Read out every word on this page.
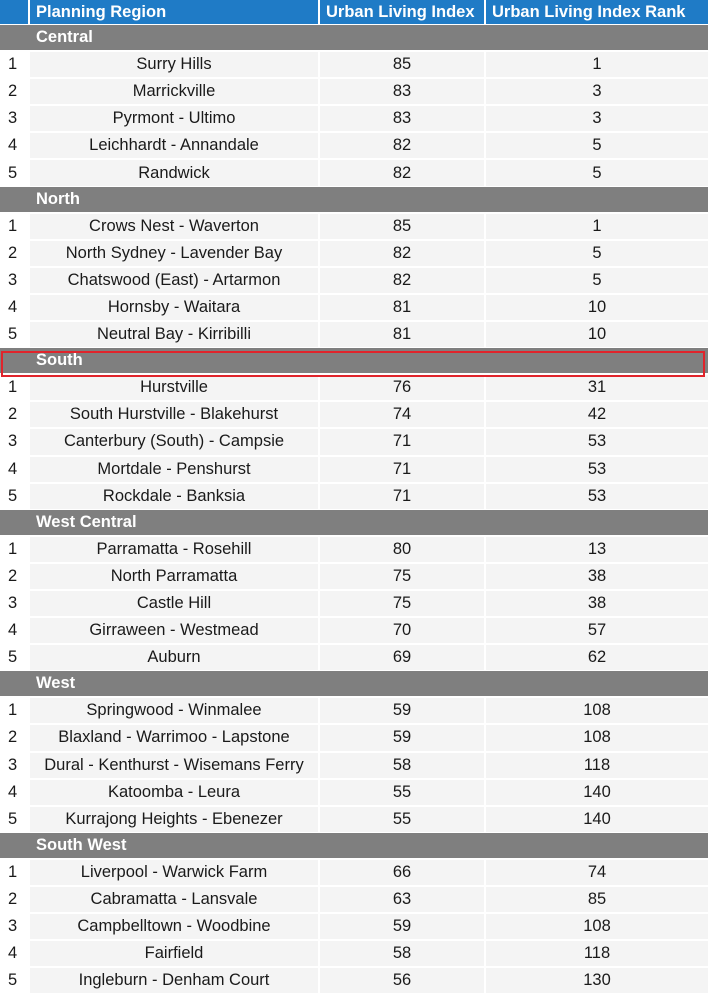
	Planning Region	Urban Living Index	Urban Living Index Rank
	Central		
1	Surry Hills	85	1
2	Marrickville	83	3
3	Pyrmont - Ultimo	83	3
4	Leichhardt - Annandale	82	5
5	Randwick	82	5
	North		
1	Crows Nest - Waverton	85	1
2	North Sydney - Lavender Bay	82	5
3	Chatswood (East) - Artarmon	82	5
4	Hornsby - Waitara	81	10
5	Neutral Bay - Kirribilli	81	10
	South		
1	Hurstville	76	31
2	South Hurstville - Blakehurst	74	42
3	Canterbury (South) - Campsie	71	53
4	Mortdale - Penshurst	71	53
5	Rockdale - Banksia	71	53
	West Central		
1	Parramatta - Rosehill	80	13
2	North Parramatta	75	38
3	Castle Hill	75	38
4	Girraween - Westmead	70	57
5	Auburn	69	62
	West		
1	Springwood - Winmalee	59	108
2	Blaxland - Warrimoo - Lapstone	59	108
3	Dural - Kenthurst - Wisemans Ferry	58	118
4	Katoomba - Leura	55	140
5	Kurrajong Heights - Ebenezer	55	140
	South West		
1	Liverpool - Warwick Farm	66	74
2	Cabramatta - Lansvale	63	85
3	Campbelltown - Woodbine	59	108
4	Fairfield	58	118
5	Ingleburn - Denham Court	56	130
